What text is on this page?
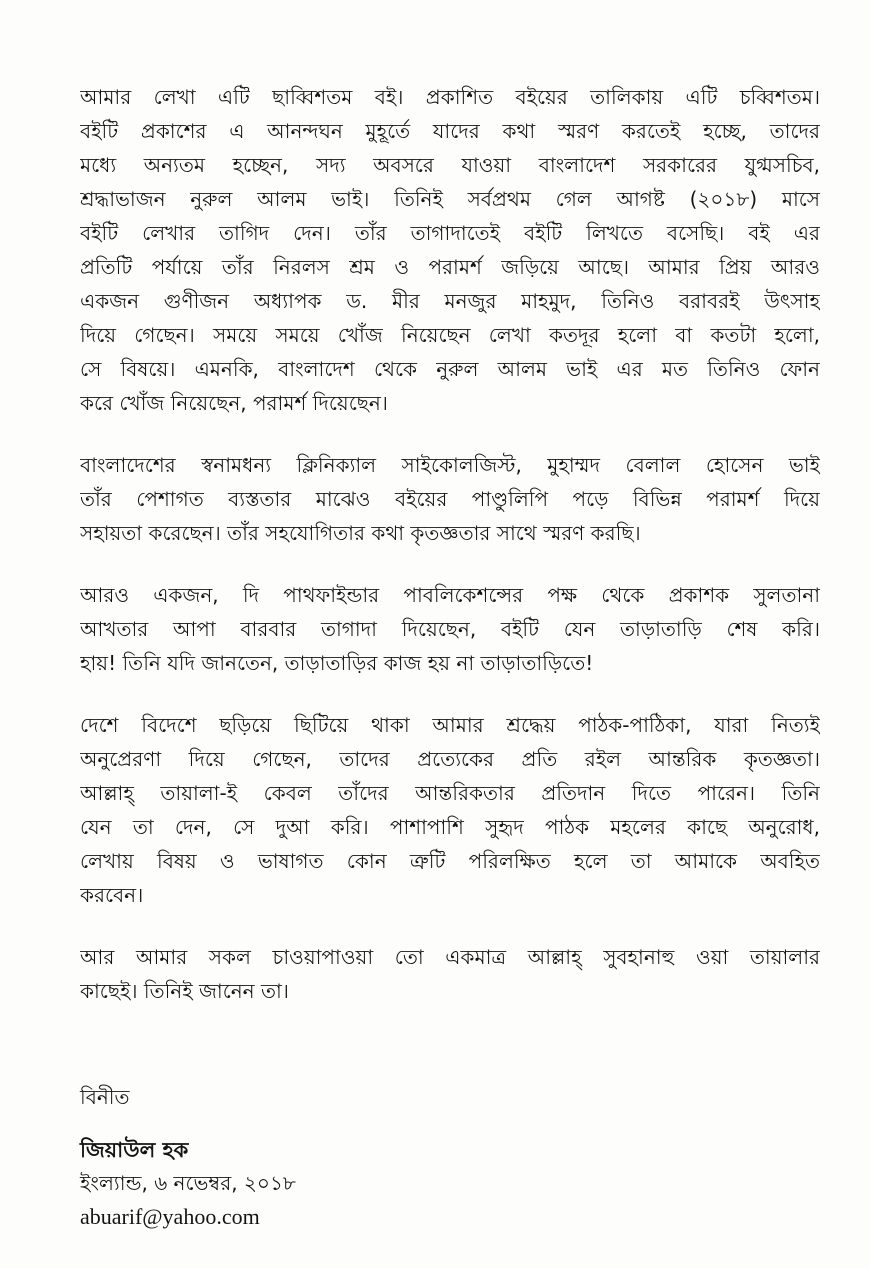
আমার লেখা এটি ছাব্বিশতম বই। প্রকাশিত বইয়ের তালিকায় এটি চব্বিশতম।
বইটি প্রকাশের এ আনন্দঘন মুহূর্তে যাদের কথা স্মরণ করতেই হচ্ছে, তাদের
মধ্যে অন্যতম হচ্ছেন, সদ্য অবসরে যাওয়া বাংলাদেশ সরকারের যুগ্মসচিব,
শ্রদ্ধাভাজন নুরুল আলম ভাই। তিনিই সর্বপ্রথম গেল আগষ্ট (২০১৮) মাসে
বইটি লেখার তাগিদ দেন। তাঁর তাগাদাতেই বইটি লিখতে বসেছি। বই এর
প্রতিটি পর্যায়ে তাঁর নিরলস শ্রম ও পরামর্শ জড়িয়ে আছে। আমার প্রিয় আরও
একজন গুণীজন অধ্যাপক ড. মীর মনজুর মাহমুদ, তিনিও বরাবরই উৎসাহ
দিয়ে গেছেন। সময়ে সময়ে খোঁজ নিয়েছেন লেখা কতদূর হলো বা কতটা হলো,
সে বিষয়ে। এমনকি, বাংলাদেশ থেকে নুরুল আলম ভাই এর মত তিনিও ফোন
করে খোঁজ নিয়েছেন, পরামর্শ দিয়েছেন।

বাংলাদেশের স্বনামধন্য ক্লিনিক্যাল সাইকোলজিস্ট, মুহাম্মদ বেলাল হোসেন ভাই
তাঁর পেশাগত ব্যস্ততার মাঝেও বইয়ের পাণ্ডুলিপি পড়ে বিভিন্ন পরামর্শ দিয়ে
সহায়তা করেছেন। তাঁর সহযোগিতার কথা কৃতজ্ঞতার সাথে স্মরণ করছি।

আরও একজন, দি পাথফাইন্ডার পাবলিকেশন্সের পক্ষ থেকে প্রকাশক সুলতানা
আখতার আপা বারবার তাগাদা দিয়েছেন, বইটি যেন তাড়াতাড়ি শেষ করি।
হায়! তিনি যদি জানতেন, তাড়াতাড়ির কাজ হয় না তাড়াতাড়িতে!

দেশে বিদেশে ছড়িয়ে ছিটিয়ে থাকা আমার শ্রদ্ধেয় পাঠক-পাঠিকা, যারা নিত্যই
অনুপ্রেরণা দিয়ে গেছেন, তাদের প্রত্যেকের প্রতি রইল আন্তরিক কৃতজ্ঞতা।
আল্লাহ্ তায়ালা-ই কেবল তাঁদের আন্তরিকতার প্রতিদান দিতে পারেন। তিনি
যেন তা দেন, সে দুআ করি। পাশাপাশি সুহৃদ পাঠক মহলের কাছে অনুরোধ,
লেখায় বিষয় ও ভাষাগত কোন ত্রুটি পরিলক্ষিত হলে তা আমাকে অবহিত
করবেন।

আর আমার সকল চাওয়াপাওয়া তো একমাত্র আল্লাহ্ সুবহানাহু ওয়া তায়ালার
কাছেই। তিনিই জানেন তা।

বিনীত
জিয়াউল হক
ইংল্যান্ড, ৬ নভেম্বর, ২০১৮
abuarif@yahoo.com
